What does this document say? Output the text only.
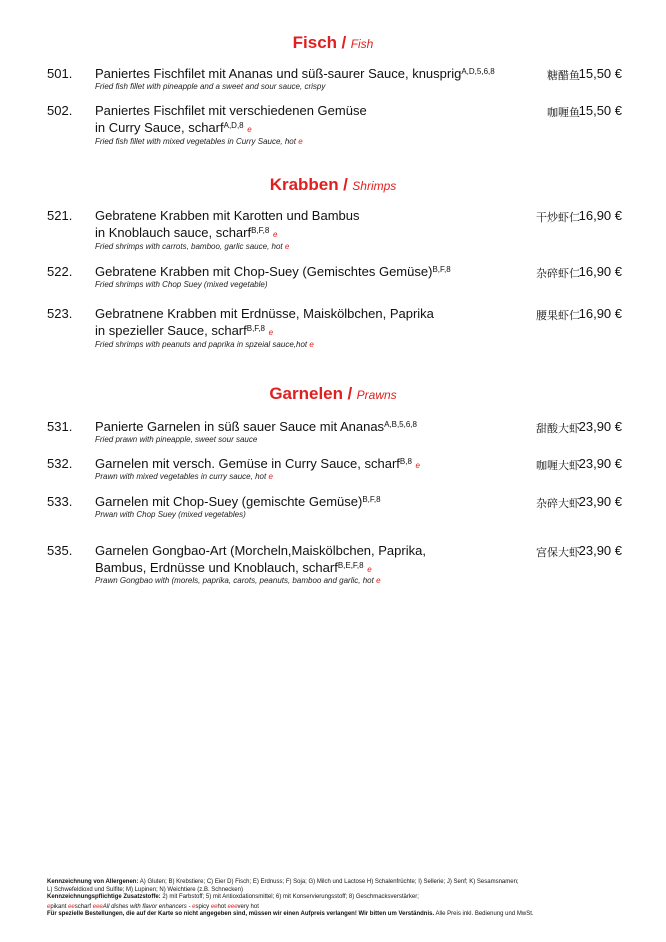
Fisch / Fish
Krabben / Shrimps
Garnelen / Prawns
501. Paniertes Fischfilet mit Ananas und süß-saurer Sauce, knusprig$^{A,D,5,6,8}$
Fried fish fillet with pineapple and a sweet and sour sauce, crispy
糖醋鱼
15,50 €
502. Paniertes Fischfilet mit verschiedenen Gemüse
in Curry Sauce, scharf$^{A,D,8}$ e
Fried fish fillet with mixed vegetables in Curry Sauce, hot e
咖喱鱼
15,50 €
521. Gebratene Krabben mit Karotten und Bambus
in Knoblauch sauce, scharf$^{B,F,8}$ e
Fried shrimps with carrots, bamboo, garlic sauce, hot e
干炒虾仁
16,90 €
522. Gebratene Krabben mit Chop-Suey (Gemischtes Gemüse)$^{B,F,8}$
Fried shrimps with Chop Suey (mixed vegetable)
杂碎虾仁
16,90 €
523. Gebratnene Krabben mit Erdnüsse, Maiskölbchen, Paprika
in spezieller Sauce, scharf$^{B,F,8}$ e
Fried shrimps with peanuts and paprika in spzeial sauce,hot e
腰果虾仁
16,90 €
531. Panierte Garnelen in süß sauer Sauce mit Ananas$^{A,B,5,6,8}$
Fried prawn with pineapple, sweet sour sauce
甜酸大虾
23,90 €
532. Garnelen mit versch. Gemüse in Curry Sauce, scharf$^{B,8}$ e
Prawn with mixed vegetables in curry sauce, hot e
咖喱大虾
23,90 €
533. Garnelen mit Chop-Suey (gemischte Gemüse)$^{B,F,8}$
Prwan with Chop Suey (mixed vegetables)
杂碎大虾
23,90 €
535. Garnelen Gongbao-Art (Morcheln,Maiskölbchen, Paprika,
Bambus, Erdnüsse und Knoblauch, scharf$^{B,E,F,8}$ e
Prawn Gongbao with (morels, paprika, carots, peanuts, bamboo and garlic, hot e
宫保大虾
23,90 €
Kennzeichnung von Allergenen: A) Gluten; B) Krebstiere; C) Eier D) Fisch; E) Erdnuss; F) Soja; G) Milch und Lactose H) Schalenfrüchte; I) Sellerie; J) Senf; K) Sesamsnamen;
L) Schwefeldioxd und Sulfite; M) Lupinen; N) Weichtiere (z.B. Schnecken)
Kennzeichnungspflichtige Zusatzstoffe: 2) mit Farbstoff; 5) mit Antioxdationsmittel; 6) mit Konservierungsstoff; 8) Geschmacksverstärker;
epikant eescharf eeeAll dishes with flavor enhancers - espicy eehot eeevery hot
Für spezielle Bestellungen, die auf der Karte so nicht angegeben sind, müssen wir einen Aufpreis verlangen! Wir bitten um Verständnis. Alle Preis inkl. Bedienung und MwSt.
